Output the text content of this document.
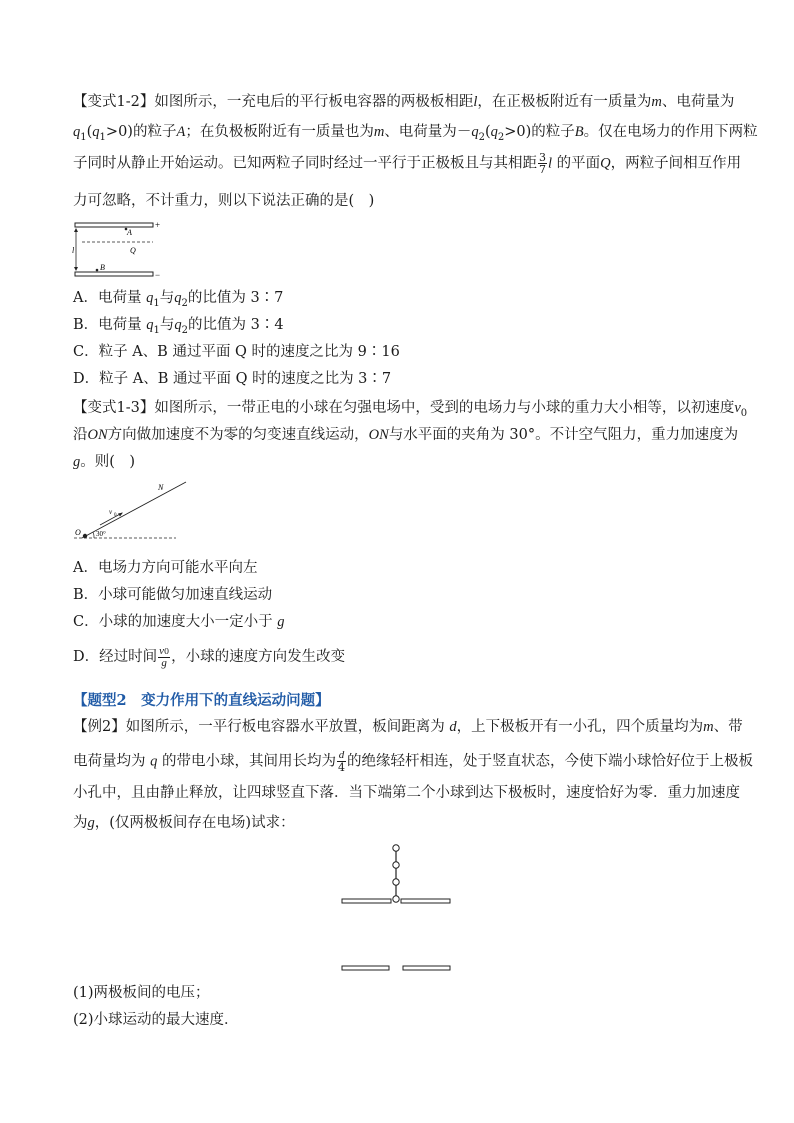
【变式1-2】如图所示，一充电后的平行板电容器的两极板相距l，在正极板附近有一质量为m、电荷量为
$q_1(q_1>0)$的粒子A；在负极板附近有一质量也为m、电荷量为$-q_2(q_2>0)$的粒子B。仅在电场力的作用下两粒
子同时从静止开始运动。已知两粒子同时经过一平行于正极板且与其相距 $\frac{3}{7}$ l 的平面Q，两粒子间相互作用
力可忽略，不计重力，则以下说法正确的是(　)
+
A
Q
l
B
−
A．电荷量 $q_1$与$q_2$的比值为 3∶7
B．电荷量 $q_1$与$q_2$的比值为 3∶4
C．粒子 A、B 通过平面 Q 时的速度之比为 9∶16
D．粒子 A、B 通过平面 Q 时的速度之比为 3∶7
【变式1-3】如图所示，一带正电的小球在匀强电场中，受到的电场力与小球的重力大小相等，以初速度$v_0$
沿ON方向做加速度不为零的匀变速直线运动，ON与水平面的夹角为 30°。不计空气阻力，重力加速度为
g。则(　)
O
N
v 0
30°
A．电场力方向可能水平向左
B．小球可能做匀加速直线运动
C．小球的加速度大小一定小于 g
D．经过时间 $\frac{v0}{g}$ ，小球的速度方向发生改变
【题型2　变力作用下的直线运动问题】
【例2】如图所示，一平行板电容器水平放置，板间距离为 d，上下极板开有一小孔，四个质量均为m、带
电荷量均为 q 的带电小球，其间用长均为 $\frac{d}{4}$ 的绝缘轻杆相连，处于竖直状态，今使下端小球恰好位于上极板
小孔中，且由静止释放，让四球竖直下落．当下端第二个小球到达下极板时，速度恰好为零．重力加速度
为g，(仅两极板间存在电场)试求：
(1)两极板间的电压；
(2)小球运动的最大速度．
